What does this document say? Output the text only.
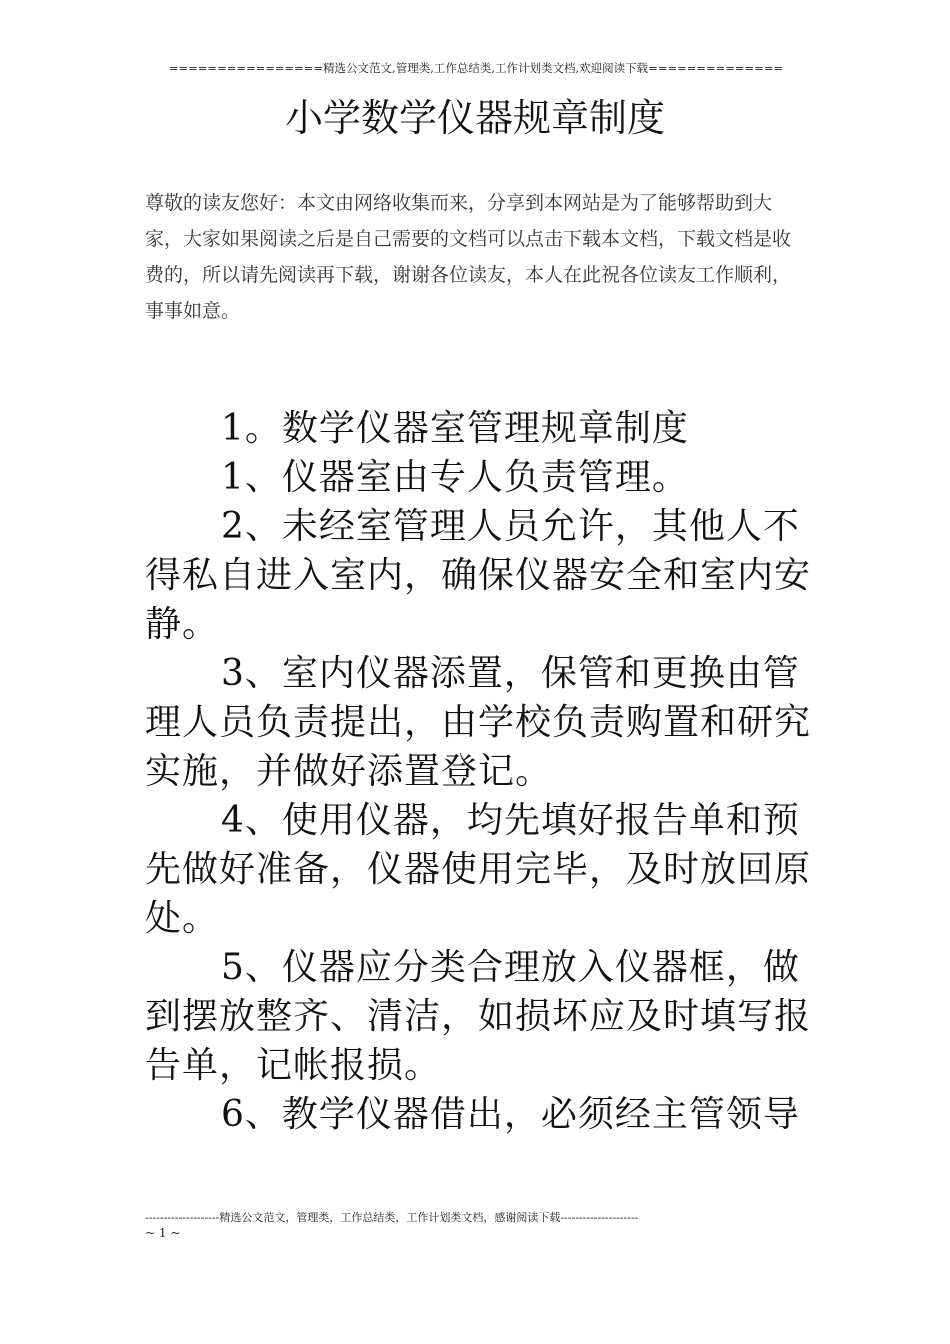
================精选公文范文,管理类,工作总结类,工作计划类文档,欢迎阅读下载==============
小学数学仪器规章制度

尊敬的读友您好：本文由网络收集而来，分享到本网站是为了能够帮助到大家，大家如果阅读之后是自己需要的文档可以点击下载本文档，下载文档是收费的，所以请先阅读再下载，谢谢各位读友，本人在此祝各位读友工作顺利，事事如意。

1。数学仪器室管理规章制度

1、仪器室由专人负责管理。

2、未经室管理人员允许，其他人不得私自进入室内，确保仪器安全和室内安静。

3、室内仪器添置，保管和更换由管理人员负责提出，由学校负责购置和研究实施，并做好添置登记。

4、使用仪器，均先填好报告单和预先做好准备，仪器使用完毕，及时放回原处。

5、仪器应分类合理放入仪器框，做到摆放整齐、清洁，如损坏应及时填写报告单，记帐报损。

6、教学仪器借出，必须经主管领导

--------------------精选公文范文，管理类，工作总结类，工作计划类文档，感谢阅读下载---------------------
~ 1 ~
